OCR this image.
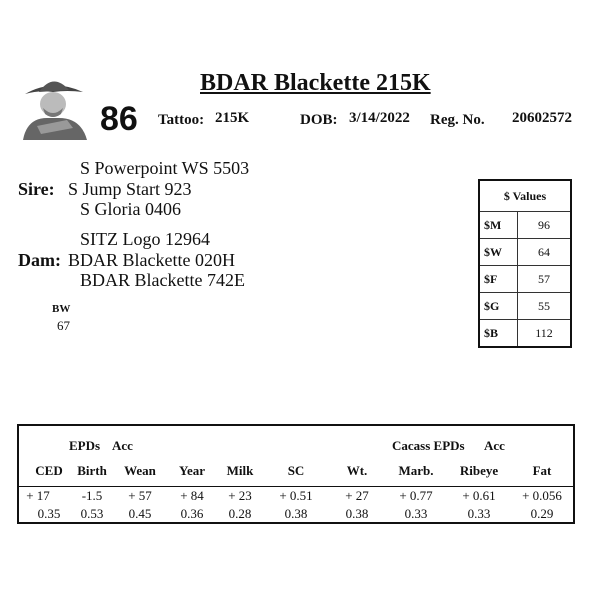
BDAR Blackette 215K
86 Tattoo: 215K	DOB: 3/14/2022 Reg. No. 20602572
S Powerpoint WS 5503
Sire: S Jump Start 923
S Gloria 0406
SITZ Logo 12964
Dam: BDAR Blackette 020H
BDAR Blackette 742E
BW
67
$ Values	
$M	96
$W	64
$F	57
$G	55
$B	112
EPDs Acc	Cacass EPDs Acc
CED	Birth	Wean	Year	Milk	SC	Wt.	Marb.	Ribeye	Fat
+ 17	-1.5	+ 57	+ 84	+ 23	+ 0.51	+ 27	+ 0.77	+ 0.61	+ 0.056
0.35	0.53	0.45	0.36	0.28	0.38	0.38	0.33	0.33	0.29
